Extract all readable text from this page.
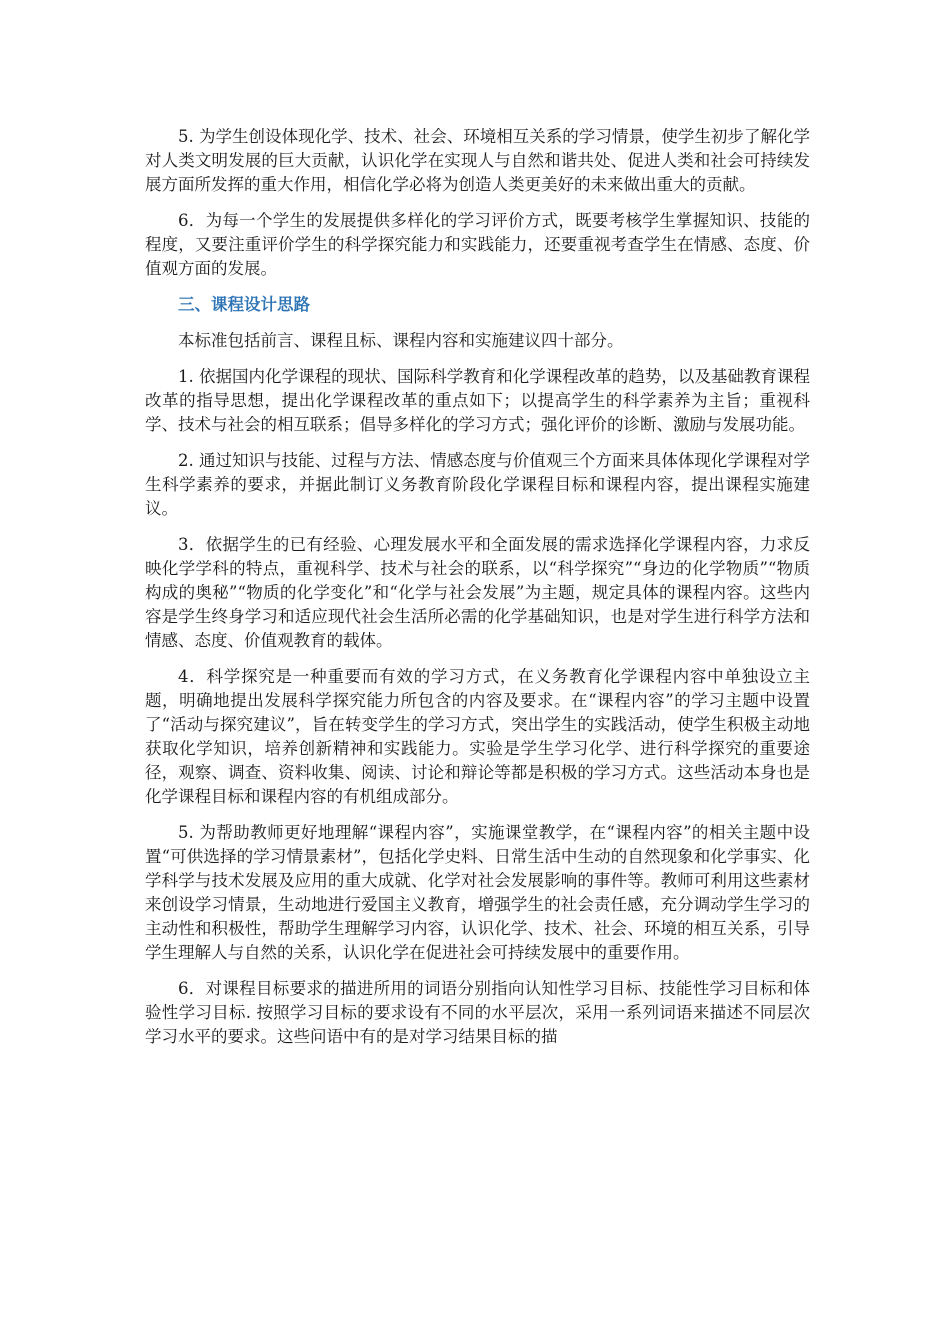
5. 为学生创设体现化学、技术、社会、环境相互关系的学习情景，使学生初步了解化学对人类文明发展的巨大贡献，认识化学在实现人与自然和谐共处、促进人类和社会可持续发展方面所发挥的重大作用，相信化学必将为创造人类更美好的未来做出重大的贡献。

6．为每一个学生的发展提供多样化的学习评价方式，既要考核学生掌握知识、技能的程度，又要注重评价学生的科学探究能力和实践能力，还要重视考查学生在情感、态度、价值观方面的发展。

三、课程设计思路

本标准包括前言、课程且标、课程内容和实施建议四十部分。

1. 依据国内化学课程的现状、国际科学教育和化学课程改革的趋势，以及基础教育课程改革的指导思想，提出化学课程改革的重点如下；以提高学生的科学素养为主旨；重视科学、技术与社会的相互联系；倡导多样化的学习方式；强化评价的诊断、激励与发展功能。

2. 通过知识与技能、过程与方法、情感态度与价值观三个方面来具体体现化学课程对学生科学素养的要求，并据此制订义务教育阶段化学课程目标和课程内容，提出课程实施建议。

3．依据学生的已有经验、心理发展水平和全面发展的需求选择化学课程内容，力求反映化学学科的特点，重视科学、技术与社会的联系，以“科学探究”“身边的化学物质”“物质构成的奥秘”“物质的化学变化”和“化学与社会发展”为主题，规定具体的课程内容。这些内容是学生终身学习和适应现代社会生活所必需的化学基础知识，也是对学生进行科学方法和情感、态度、价值观教育的载体。

4．科学探究是一种重要而有效的学习方式，在义务教育化学课程内容中单独设立主题，明确地提出发展科学探究能力所包含的内容及要求。在“课程内容”的学习主题中设置了“活动与探究建议”，旨在转变学生的学习方式，突出学生的实践活动，使学生积极主动地获取化学知识，培养创新精神和实践能力。实验是学生学习化学、进行科学探究的重要途径，观察、调查、资料收集、阅读、讨论和辩论等都是积极的学习方式。这些活动本身也是化学课程目标和课程内容的有机组成部分。

5. 为帮助教师更好地理解“课程内容”，实施课堂教学，在“课程内容”的相关主题中设置“可供选择的学习情景素材”，包括化学史料、日常生活中生动的自然现象和化学事实、化学科学与技术发展及应用的重大成就、化学对社会发展影响的事件等。教师可利用这些素材来创设学习情景，生动地进行爱国主义教育，增强学生的社会责任感，充分调动学生学习的主动性和积极性，帮助学生理解学习内容，认识化学、技术、社会、环境的相互关系，引导学生理解人与自然的关系，认识化学在促进社会可持续发展中的重要作用。

6．对课程目标要求的描进所用的词语分别指向认知性学习目标、技能性学习目标和体验性学习目标. 按照学习目标的要求设有不同的水平层次，采用一系列词语来描述不同层次学习水平的要求。这些问语中有的是对学习结果目标的描
